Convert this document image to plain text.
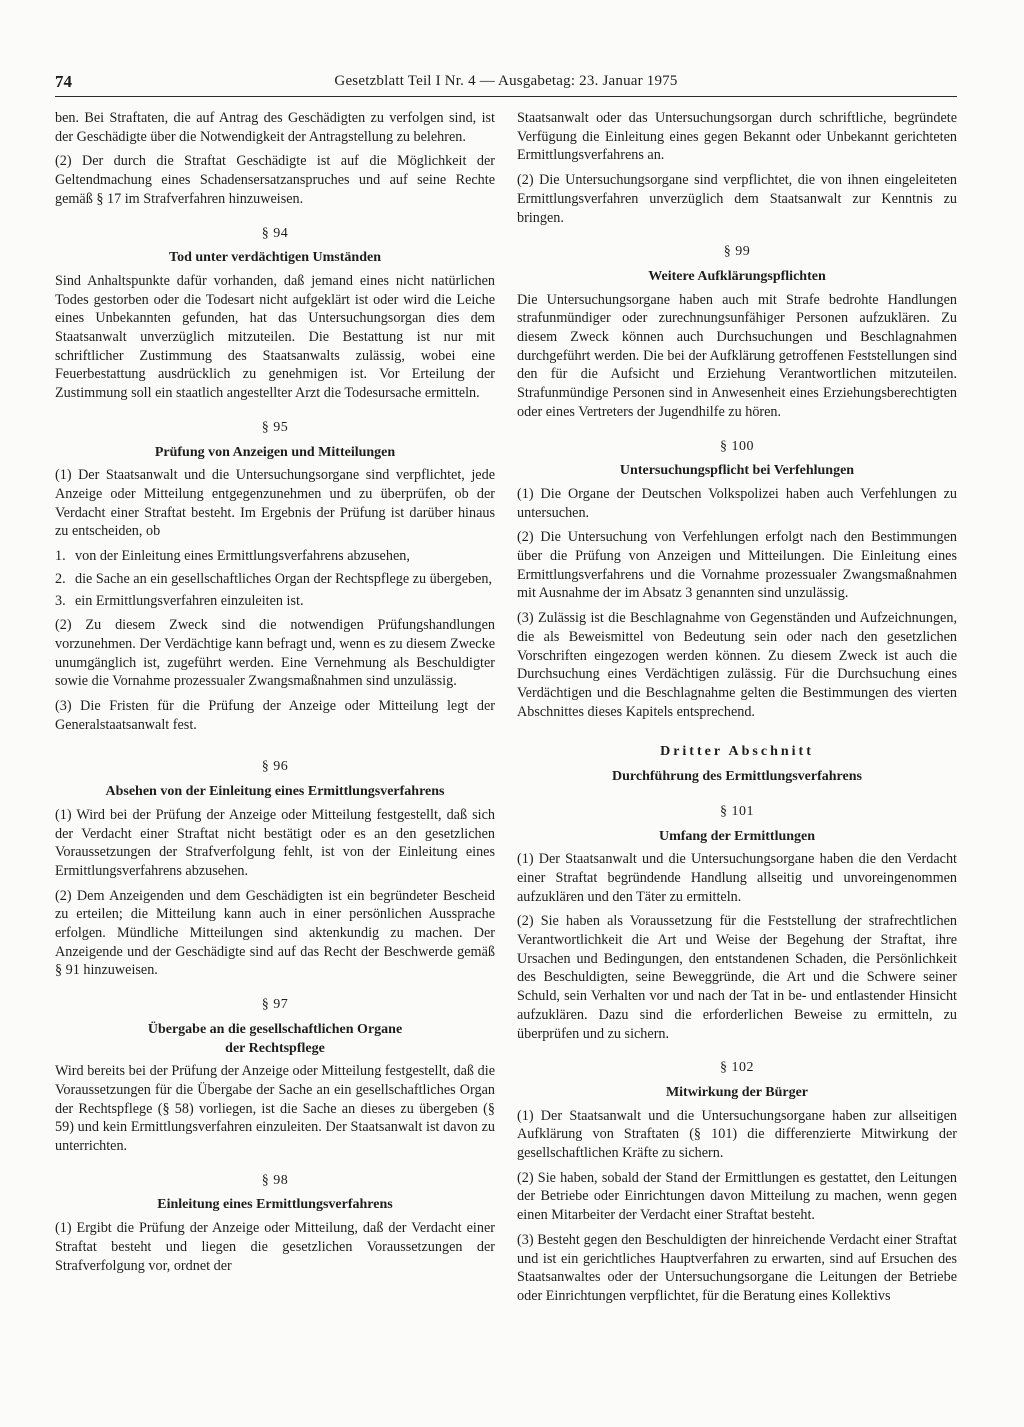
74	Gesetzblatt Teil I Nr. 4 — Ausgabetag: 23. Januar 1975

ben. Bei Straftaten, die auf Antrag des Geschädigten zu verfolgen sind, ist der Geschädigte über die Notwendigkeit der Antragstellung zu belehren.

(2) Der durch die Straftat Geschädigte ist auf die Möglichkeit der Geltendmachung eines Schadensersatzanspruches und auf seine Rechte gemäß § 17 im Strafverfahren hinzuweisen.

§ 94
Tod unter verdächtigen Umständen

Sind Anhaltspunkte dafür vorhanden, daß jemand eines nicht natürlichen Todes gestorben oder die Todesart nicht aufgeklärt ist oder wird die Leiche eines Unbekannten gefunden, hat das Untersuchungsorgan dies dem Staatsanwalt unverzüglich mitzuteilen. Die Bestattung ist nur mit schriftlicher Zustimmung des Staatsanwalts zulässig, wobei eine Feuerbestattung ausdrücklich zu genehmigen ist. Vor Erteilung der Zustimmung soll ein staatlich angestellter Arzt die Todesursache ermitteln.

§ 95
Prüfung von Anzeigen und Mitteilungen

(1) Der Staatsanwalt und die Untersuchungsorgane sind verpflichtet, jede Anzeige oder Mitteilung entgegenzunehmen und zu überprüfen, ob der Verdacht einer Straftat besteht. Im Ergebnis der Prüfung ist darüber hinaus zu entscheiden, ob

1. von der Einleitung eines Ermittlungsverfahrens abzusehen,
2. die Sache an ein gesellschaftliches Organ der Rechtspflege zu übergeben,
3. ein Ermittlungsverfahren einzuleiten ist.

(2) Zu diesem Zweck sind die notwendigen Prüfungshandlungen vorzunehmen. Der Verdächtige kann befragt und, wenn es zu diesem Zwecke unumgänglich ist, zugeführt werden. Eine Vernehmung als Beschuldigter sowie die Vornahme prozessualer Zwangsmaßnahmen sind unzulässig.

(3) Die Fristen für die Prüfung der Anzeige oder Mitteilung legt der Generalstaatsanwalt fest.

§ 96
Absehen von der Einleitung eines Ermittlungsverfahrens

(1) Wird bei der Prüfung der Anzeige oder Mitteilung festgestellt, daß sich der Verdacht einer Straftat nicht bestätigt oder es an den gesetzlichen Voraussetzungen der Strafverfolgung fehlt, ist von der Einleitung eines Ermittlungsverfahrens abzusehen.

(2) Dem Anzeigenden und dem Geschädigten ist ein begründeter Bescheid zu erteilen; die Mitteilung kann auch in einer persönlichen Aussprache erfolgen. Mündliche Mitteilungen sind aktenkundig zu machen. Der Anzeigende und der Geschädigte sind auf das Recht der Beschwerde gemäß § 91 hinzuweisen.

§ 97
Übergabe an die gesellschaftlichen Organe
der Rechtspflege

Wird bereits bei der Prüfung der Anzeige oder Mitteilung festgestellt, daß die Voraussetzungen für die Übergabe der Sache an ein gesellschaftliches Organ der Rechtspflege (§ 58) vorliegen, ist die Sache an dieses zu übergeben (§ 59) und kein Ermittlungsverfahren einzuleiten. Der Staatsanwalt ist davon zu unterrichten.

§ 98
Einleitung eines Ermittlungsverfahrens

(1) Ergibt die Prüfung der Anzeige oder Mitteilung, daß der Verdacht einer Straftat besteht und liegen die gesetzlichen Voraussetzungen der Strafverfolgung vor, ordnet der

Staatsanwalt oder das Untersuchungsorgan durch schriftliche, begründete Verfügung die Einleitung eines gegen Bekannt oder Unbekannt gerichteten Ermittlungsverfahrens an.

(2) Die Untersuchungsorgane sind verpflichtet, die von ihnen eingeleiteten Ermittlungsverfahren unverzüglich dem Staatsanwalt zur Kenntnis zu bringen.

§ 99
Weitere Aufklärungspflichten

Die Untersuchungsorgane haben auch mit Strafe bedrohte Handlungen strafunmündiger oder zurechnungsunfähiger Personen aufzuklären. Zu diesem Zweck können auch Durchsuchungen und Beschlagnahmen durchgeführt werden. Die bei der Aufklärung getroffenen Feststellungen sind den für die Aufsicht und Erziehung Verantwortlichen mitzuteilen. Strafunmündige Personen sind in Anwesenheit eines Erziehungsberechtigten oder eines Vertreters der Jugendhilfe zu hören.

§ 100
Untersuchungspflicht bei Verfehlungen

(1) Die Organe der Deutschen Volkspolizei haben auch Verfehlungen zu untersuchen.

(2) Die Untersuchung von Verfehlungen erfolgt nach den Bestimmungen über die Prüfung von Anzeigen und Mitteilungen. Die Einleitung eines Ermittlungsverfahrens und die Vornahme prozessualer Zwangsmaßnahmen mit Ausnahme der im Absatz 3 genannten sind unzulässig.

(3) Zulässig ist die Beschlagnahme von Gegenständen und Aufzeichnungen, die als Beweismittel von Bedeutung sein oder nach den gesetzlichen Vorschriften eingezogen werden können. Zu diesem Zweck ist auch die Durchsuchung eines Verdächtigen zulässig. Für die Durchsuchung eines Verdächtigen und die Beschlagnahme gelten die Bestimmungen des vierten Abschnittes dieses Kapitels entsprechend.

Dritter Abschnitt
Durchführung des Ermittlungsverfahrens
§ 101
Umfang der Ermittlungen

(1) Der Staatsanwalt und die Untersuchungsorgane haben die den Verdacht einer Straftat begründende Handlung allseitig und unvoreingenommen aufzuklären und den Täter zu ermitteln.

(2) Sie haben als Voraussetzung für die Feststellung der strafrechtlichen Verantwortlichkeit die Art und Weise der Begehung der Straftat, ihre Ursachen und Bedingungen, den entstandenen Schaden, die Persönlichkeit des Beschuldigten, seine Beweggründe, die Art und die Schwere seiner Schuld, sein Verhalten vor und nach der Tat in be- und entlastender Hinsicht aufzuklären. Dazu sind die erforderlichen Beweise zu ermitteln, zu überprüfen und zu sichern.

§ 102
Mitwirkung der Bürger

(1) Der Staatsanwalt und die Untersuchungsorgane haben zur allseitigen Aufklärung von Straftaten (§ 101) die differenzierte Mitwirkung der gesellschaftlichen Kräfte zu sichern.

(2) Sie haben, sobald der Stand der Ermittlungen es gestattet, den Leitungen der Betriebe oder Einrichtungen davon Mitteilung zu machen, wenn gegen einen Mitarbeiter der Verdacht einer Straftat besteht.

(3) Besteht gegen den Beschuldigten der hinreichende Verdacht einer Straftat und ist ein gerichtliches Hauptverfahren zu erwarten, sind auf Ersuchen des Staatsanwaltes oder der Untersuchungsorgane die Leitungen der Betriebe oder Einrichtungen verpflichtet, für die Beratung eines Kollektivs
